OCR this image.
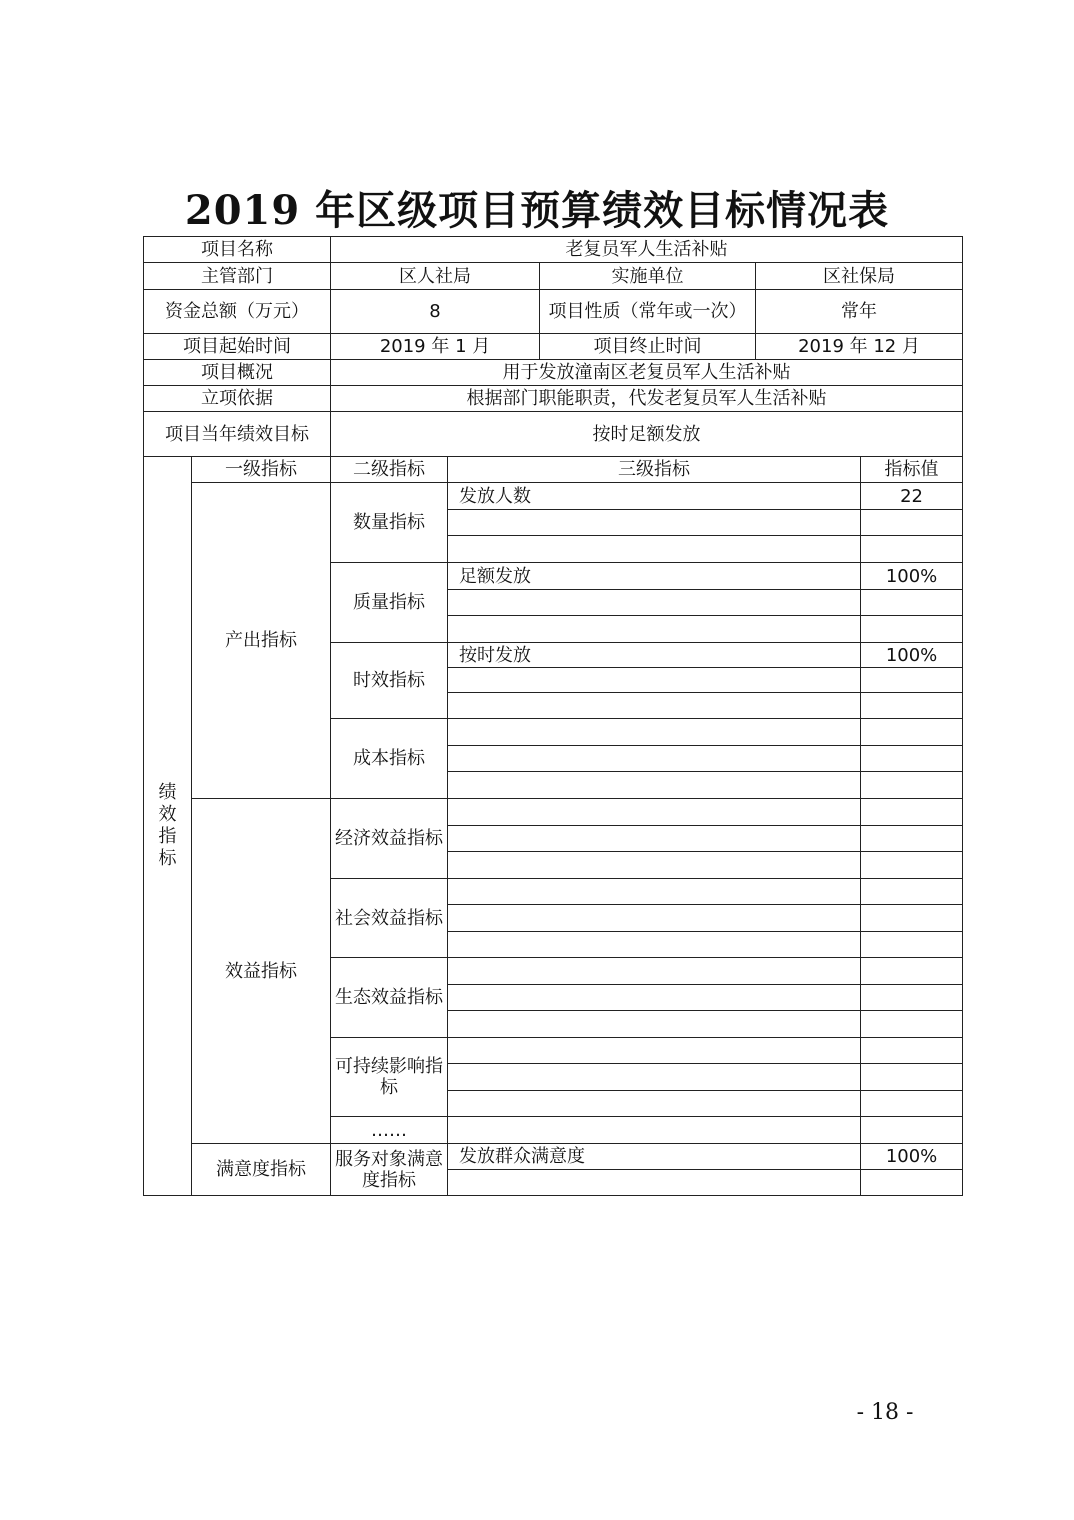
2019 年区级项目预算绩效目标情况表
项目名称		老复员军人生活补贴				
主管部门		区人社局		实施单位	区社保局	
资金总额（万元）		8		项目性质（常年或一次）	常年	
项目起始时间		2019 年 1 月		项目终止时间	2019 年 12 月	
项目概况		用于发放潼南区老复员军人生活补贴				
立项依据		根据部门职能职责，代发老复员军人生活补贴				
项目当年绩效目标		按时足额发放				

绩效指标	一级指标	二级指标	三级指标			指标值
	产出指标	数量指标	发放人数			22

		质量指标	足额发放			100%

		时效指标	按时发放			100%

		成本指标				

	效益指标	经济效益指标				

		社会效益指标				

		生态效益指标				

		可持续影响指标				

		……				
	满意度指标	服务对象满意度指标	发放群众满意度			100%

- 18 -
